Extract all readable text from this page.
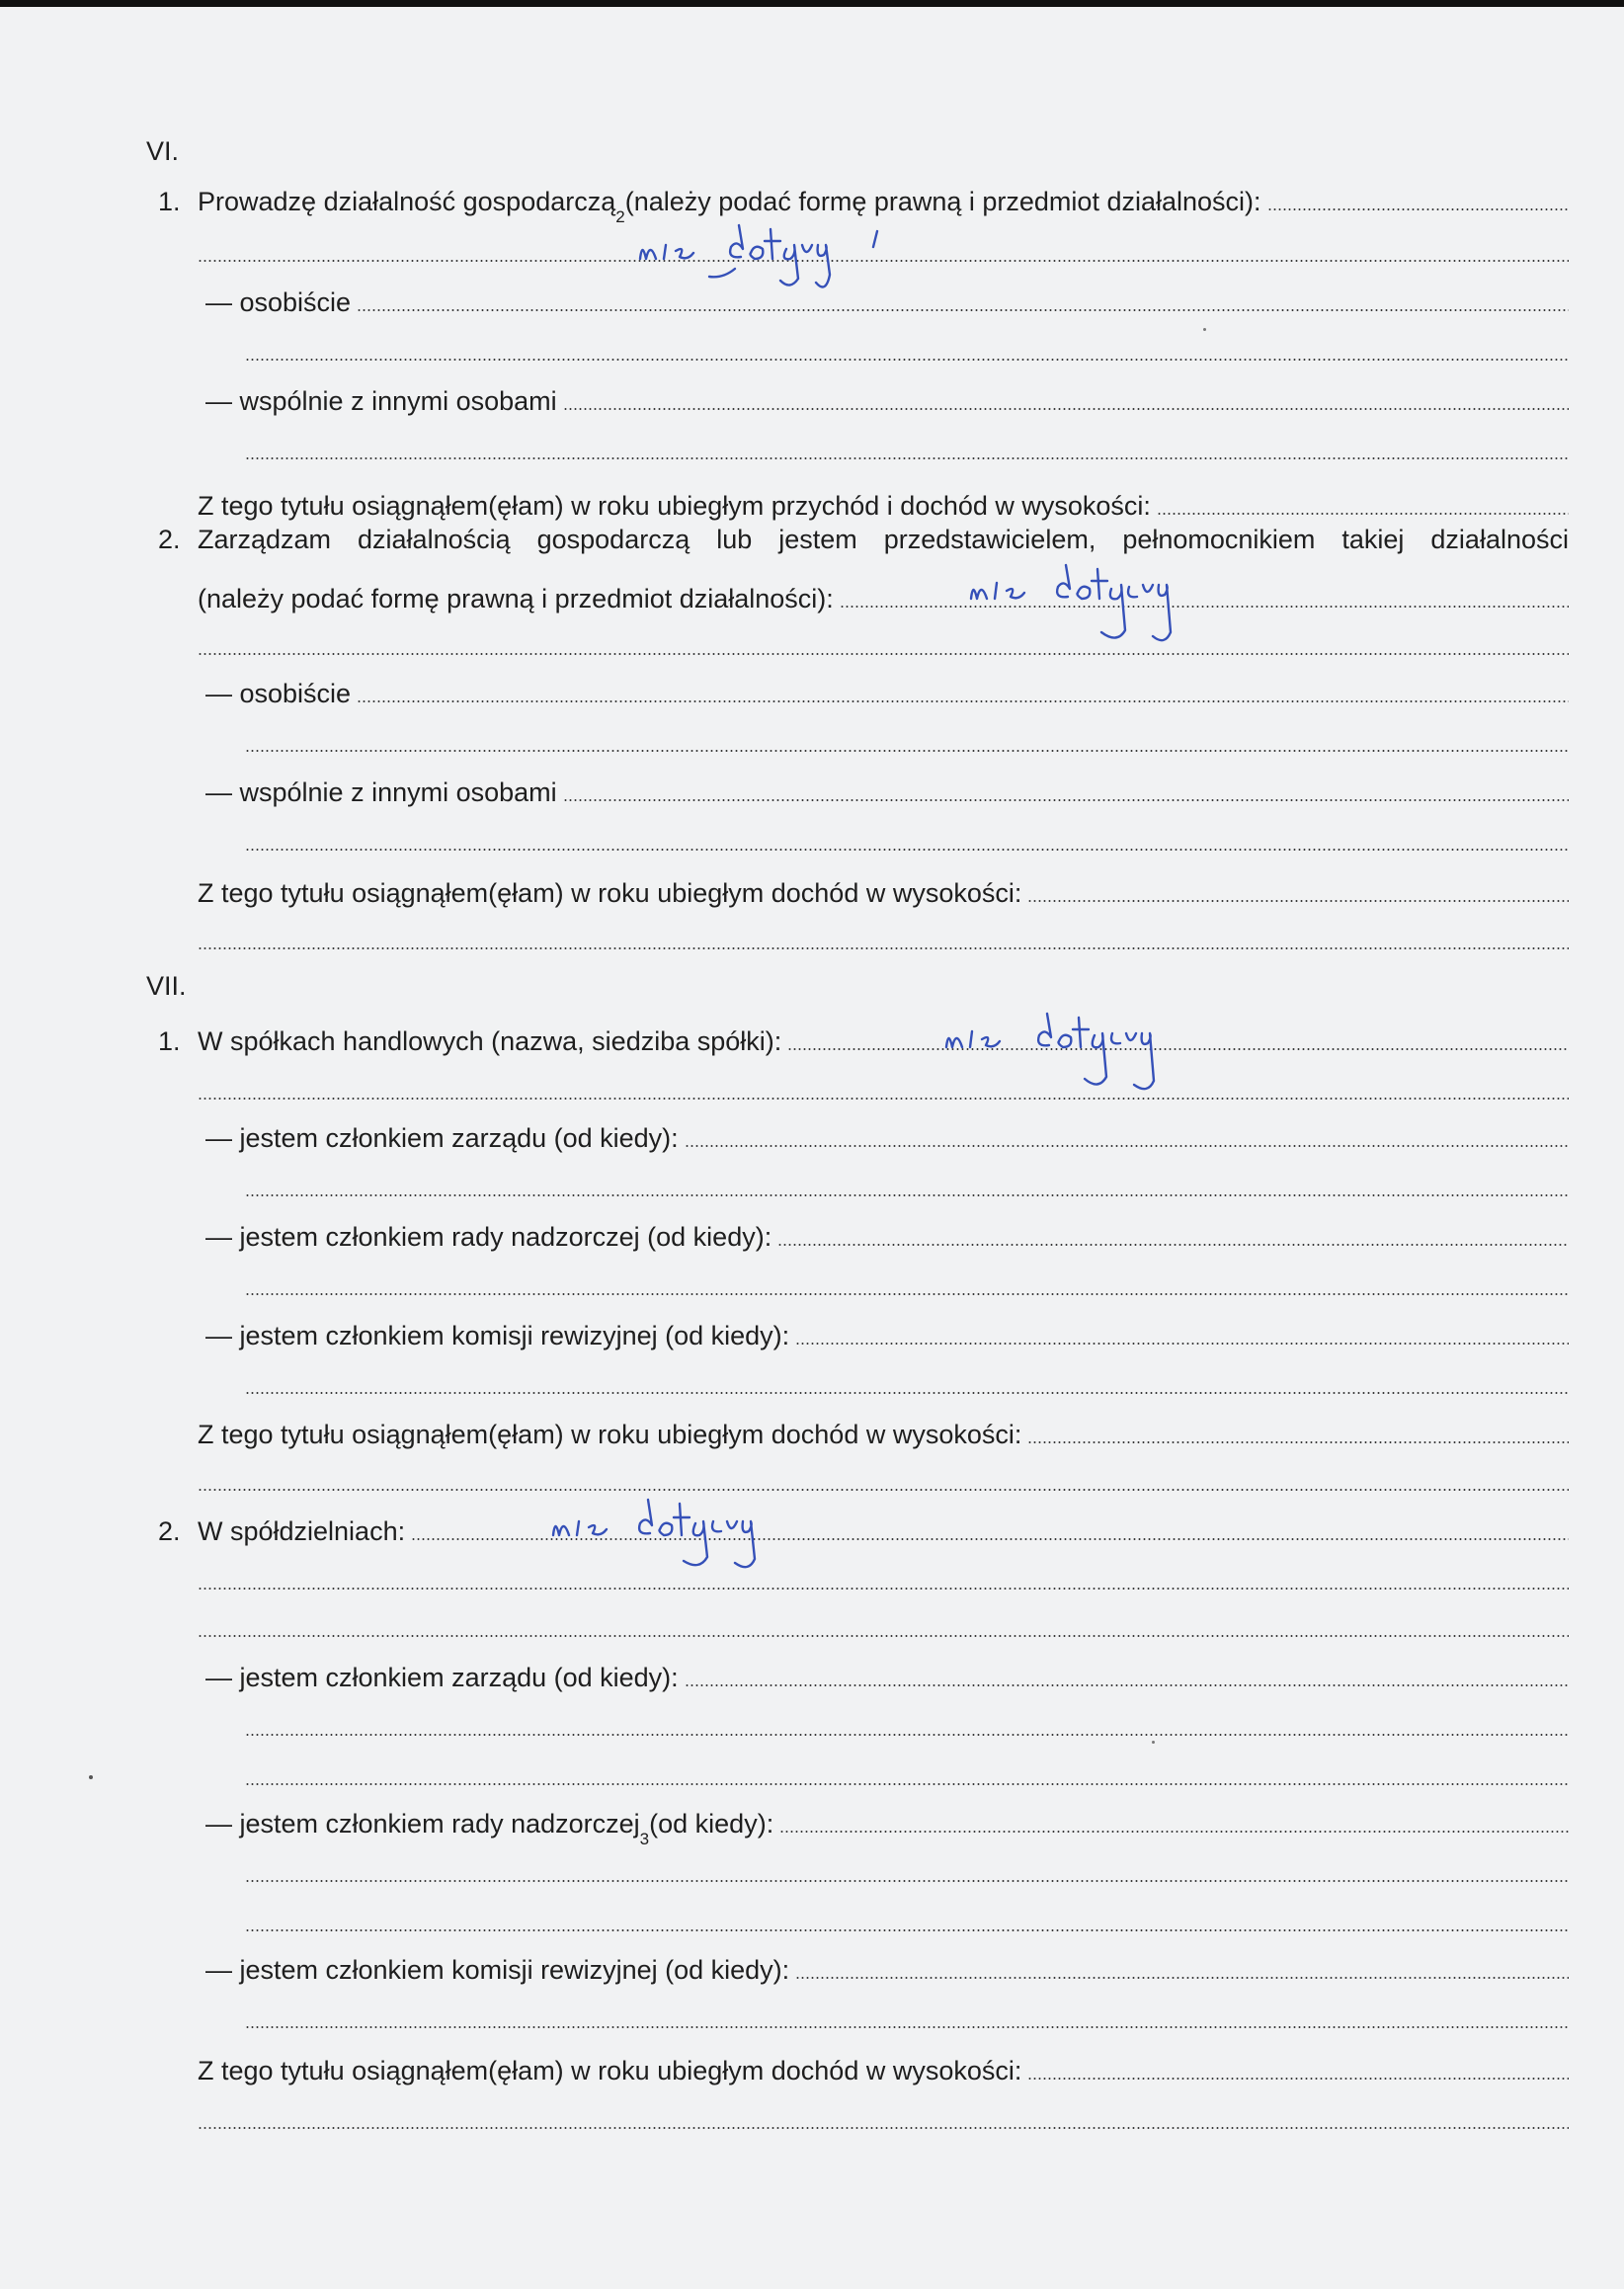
VI.
1. Prowadzę działalność gospodarczą
2
(należy podać formę prawną i przedmiot działalności):
— osobiście
— wspólnie z innymi osobami
Z tego tytułu osiągnąłem(ęłam) w roku ubiegłym przychód i dochód w wysokości:
2. Zarządzam działalnością gospodarczą lub jestem przedstawicielem, pełnomocnikiem takiej działalności
(należy podać formę prawną i przedmiot działalności):
— osobiście
— wspólnie z innymi osobami
Z tego tytułu osiągnąłem(ęłam) w roku ubiegłym dochód w wysokości:
VII.
1. W spółkach handlowych (nazwa, siedziba spółki):
— jestem członkiem zarządu (od kiedy):
— jestem członkiem rady nadzorczej (od kiedy):
— jestem członkiem komisji rewizyjnej (od kiedy):
Z tego tytułu osiągnąłem(ęłam) w roku ubiegłym dochód w wysokości:
2. W spółdzielniach:
— jestem członkiem zarządu (od kiedy):
— jestem członkiem rady nadzorczej
3
(od kiedy):
— jestem członkiem komisji rewizyjnej (od kiedy):
Z tego tytułu osiągnąłem(ęłam) w roku ubiegłym dochód w wysokości:
